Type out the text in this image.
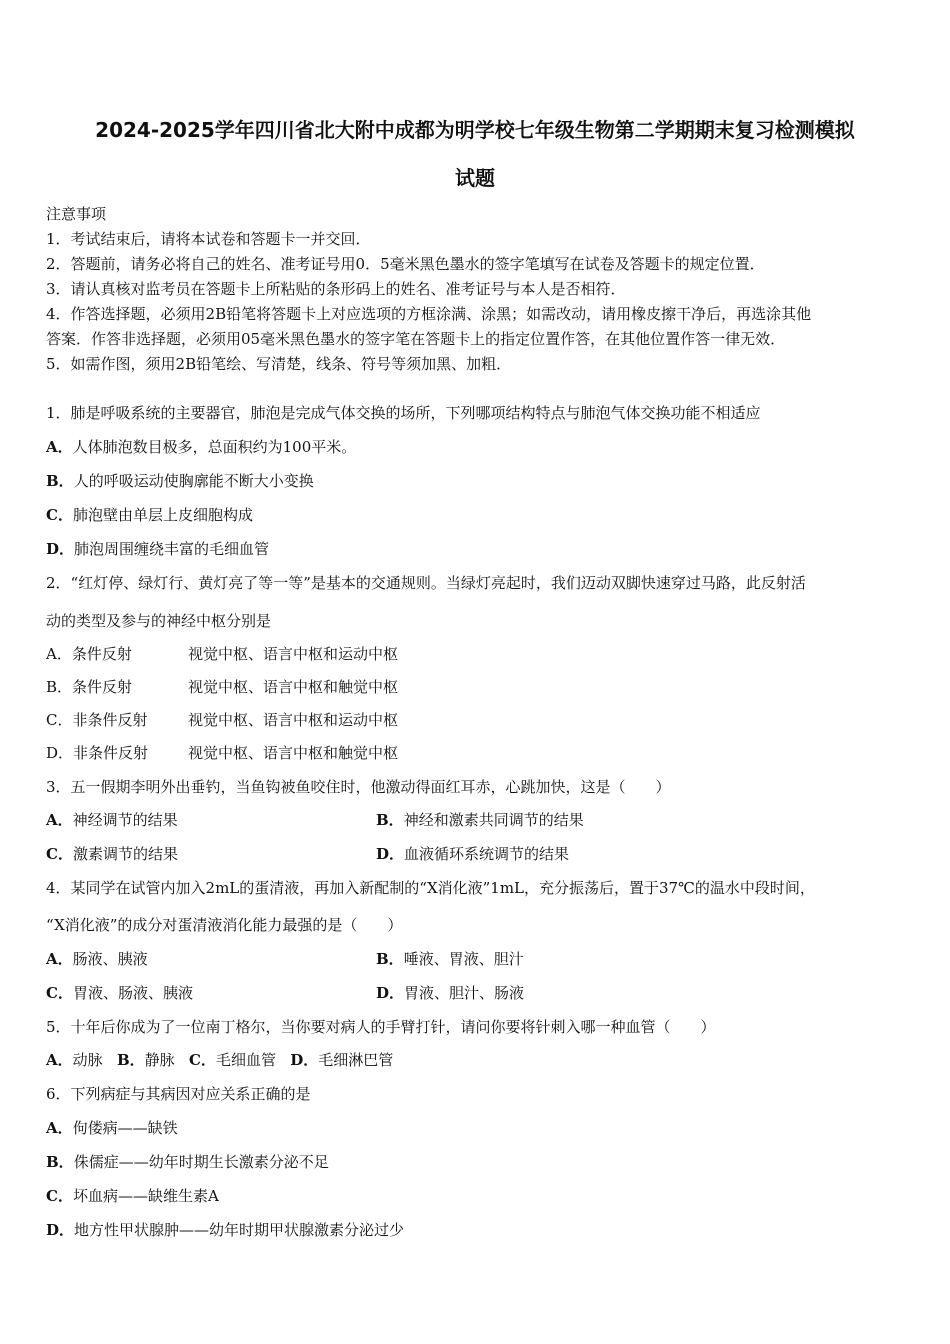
2024-2025学年四川省北大附中成都为明学校七年级生物第二学期期末复习检测模拟
试题
注意事项
1．考试结束后，请将本试卷和答题卡一并交回．
2．答题前，请务必将自己的姓名、准考证号用0．5毫米黑色墨水的签字笔填写在试卷及答题卡的规定位置．
3．请认真核对监考员在答题卡上所粘贴的条形码上的姓名、准考证号与本人是否相符．
4．作答选择题，必须用2B铅笔将答题卡上对应选项的方框涂满、涂黑；如需改动，请用橡皮擦干净后，再选涂其他
答案．作答非选择题，必须用05毫米黑色墨水的签字笔在答题卡上的指定位置作答，在其他位置作答一律无效．
5．如需作图，须用2B铅笔绘、写清楚，线条、符号等须加黑、加粗．
1．肺是呼吸系统的主要器官，肺泡是完成气体交换的场所，下列哪项结构特点与肺泡气体交换功能不相适应
A．人体肺泡数目极多，总面积约为100平米。
B．人的呼吸运动使胸廓能不断大小变换
C．肺泡壁由单层上皮细胞构成
D．肺泡周围缠绕丰富的毛细血管
2．“红灯停、绿灯行、黄灯亮了等一等”是基本的交通规则。当绿灯亮起时，我们迈动双脚快速穿过马路，此反射活
动的类型及参与的神经中枢分别是
A．条件反射	视觉中枢、语言中枢和运动中枢
B．条件反射	视觉中枢、语言中枢和触觉中枢
C．非条件反射	视觉中枢、语言中枢和运动中枢
D．非条件反射	视觉中枢、语言中枢和触觉中枢
3．五一假期李明外出垂钓，当鱼钩被鱼咬住时，他激动得面红耳赤，心跳加快，这是（　　）
A．神经调节的结果	B．神经和激素共同调节的结果
C．激素调节的结果	D．血液循环系统调节的结果
4．某同学在试管内加入2mL的蛋清液，再加入新配制的“X消化液”1mL，充分振荡后，置于37℃的温水中段时间，
“X消化液”的成分对蛋清液消化能力最强的是（　　）
A．肠液、胰液	B．唾液、胃液、胆汁
C．胃液、肠液、胰液	D．胃液、胆汁、肠液
5．十年后你成为了一位南丁格尔，当你要对病人的手臂打针，请问你要将针刺入哪一种血管（　　）
A．动脉 B．静脉 C．毛细血管 D．毛细淋巴管
6．下列病症与其病因对应关系正确的是
A．佝偻病——缺铁
B．侏儒症——幼年时期生长激素分泌不足
C．坏血病——缺维生素A
D．地方性甲状腺肿——幼年时期甲状腺激素分泌过少
